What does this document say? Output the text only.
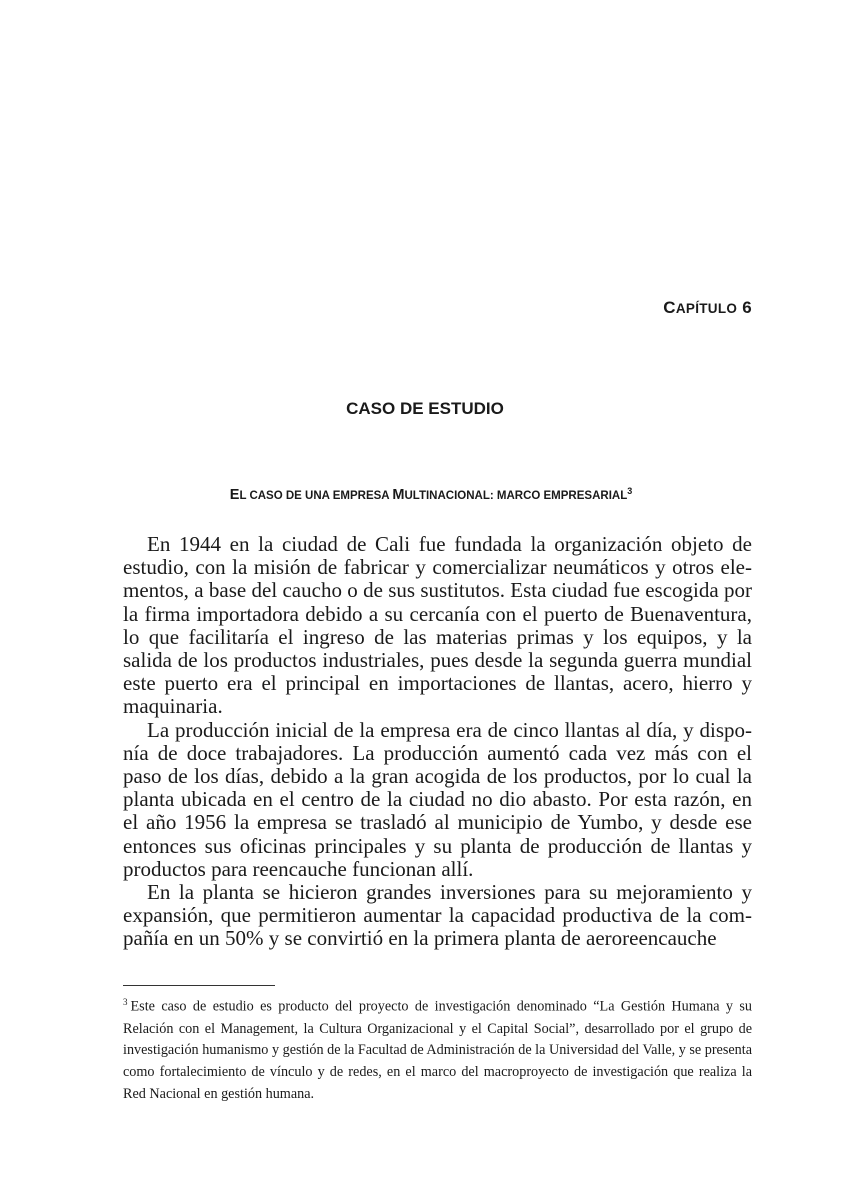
CAPÍTULO 6
CASO DE ESTUDIO
EL CASO DE UNA EMPRESA MULTINACIONAL: MARCO EMPRESARIAL$^3$

En 1944 en la ciudad de Cali fue fundada la organización objeto de estudio, con la misión de fabricar y comercializar neumáticos y otros elementos, a base del caucho o de sus sustitutos. Esta ciudad fue escogida por la firma importadora debido a su cercanía con el puerto de Buenaventura, lo que facilitaría el ingreso de las materias primas y los equipos, y la salida de los productos industriales, pues desde la segunda guerra mundial este puerto era el principal en importaciones de llantas, acero, hierro y maquinaria.

La producción inicial de la empresa era de cinco llantas al día, y disponía de doce trabajadores. La producción aumentó cada vez más con el paso de los días, debido a la gran acogida de los productos, por lo cual la planta ubicada en el centro de la ciudad no dio abasto. Por esta razón, en el año 1956 la empresa se trasladó al municipio de Yumbo, y desde ese entonces sus oficinas principales y su planta de producción de llantas y productos para reencauche funcionan allí.

En la planta se hicieron grandes inversiones para su mejoramiento y expansión, que permitieron aumentar la capacidad productiva de la compañía en un 50% y se convirtió en la primera planta de aeroreencauche

$^3$ Este caso de estudio es producto del proyecto de investigación denominado “La Gestión Humana y su Relación con el Management, la Cultura Organizacional y el Capital Social”, desarrollado por el grupo de investigación humanismo y gestión de la Facultad de Administración de la Universidad del Valle, y se presenta como fortalecimiento de vínculo y de redes, en el marco del macroproyecto de investigación que realiza la Red Nacional en gestión humana.
